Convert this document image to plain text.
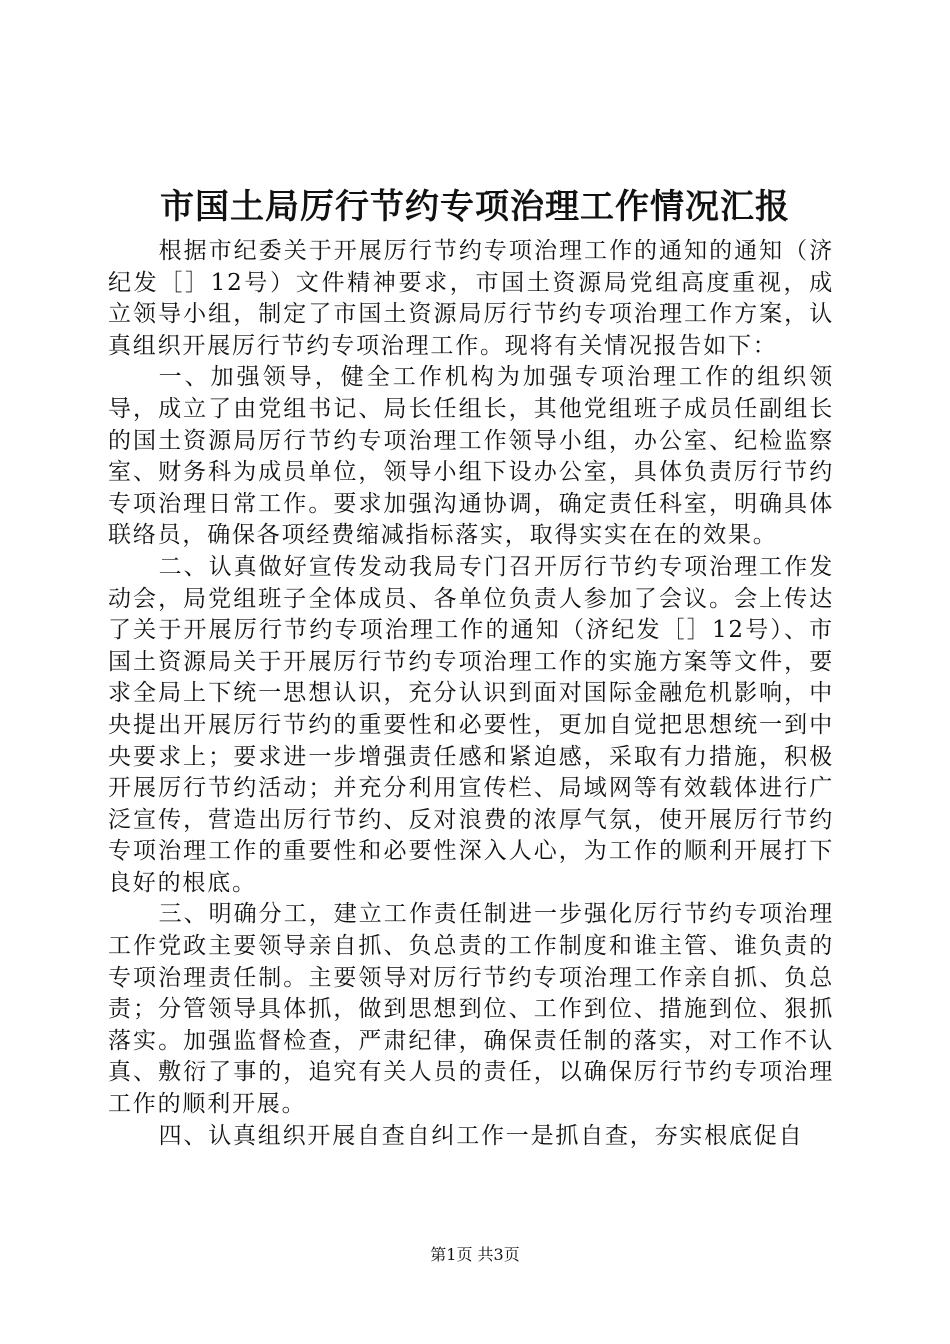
市国土局厉行节约专项治理工作情况汇报

根据市纪委关于开展厉行节约专项治理工作的通知的通知（济纪发［］12号）文件精神要求，市国土资源局党组高度重视，成立领导小组，制定了市国土资源局厉行节约专项治理工作方案，认真组织开展厉行节约专项治理工作。现将有关情况报告如下：

一、加强领导，健全工作机构为加强专项治理工作的组织领导，成立了由党组书记、局长任组长，其他党组班子成员任副组长的国土资源局厉行节约专项治理工作领导小组，办公室、纪检监察室、财务科为成员单位，领导小组下设办公室，具体负责厉行节约专项治理日常工作。要求加强沟通协调，确定责任科室，明确具体联络员，确保各项经费缩减指标落实，取得实实在在的效果。

二、认真做好宣传发动我局专门召开厉行节约专项治理工作发动会，局党组班子全体成员、各单位负责人参加了会议。会上传达了关于开展厉行节约专项治理工作的通知（济纪发［］12号）、市国土资源局关于开展厉行节约专项治理工作的实施方案等文件，要求全局上下统一思想认识，充分认识到面对国际金融危机影响，中央提出开展厉行节约的重要性和必要性，更加自觉把思想统一到中央要求上；要求进一步增强责任感和紧迫感，采取有力措施，积极开展厉行节约活动；并充分利用宣传栏、局域网等有效载体进行广泛宣传，营造出厉行节约、反对浪费的浓厚气氛，使开展厉行节约专项治理工作的重要性和必要性深入人心，为工作的顺利开展打下良好的根底。

三、明确分工，建立工作责任制进一步强化厉行节约专项治理工作党政主要领导亲自抓、负总责的工作制度和谁主管、谁负责的专项治理责任制。主要领导对厉行节约专项治理工作亲自抓、负总责；分管领导具体抓，做到思想到位、工作到位、措施到位、狠抓落实。加强监督检查，严肃纪律，确保责任制的落实，对工作不认真、敷衍了事的，追究有关人员的责任，以确保厉行节约专项治理工作的顺利开展。

四、认真组织开展自查自纠工作一是抓自查，夯实根底促自

第1页 共3页
